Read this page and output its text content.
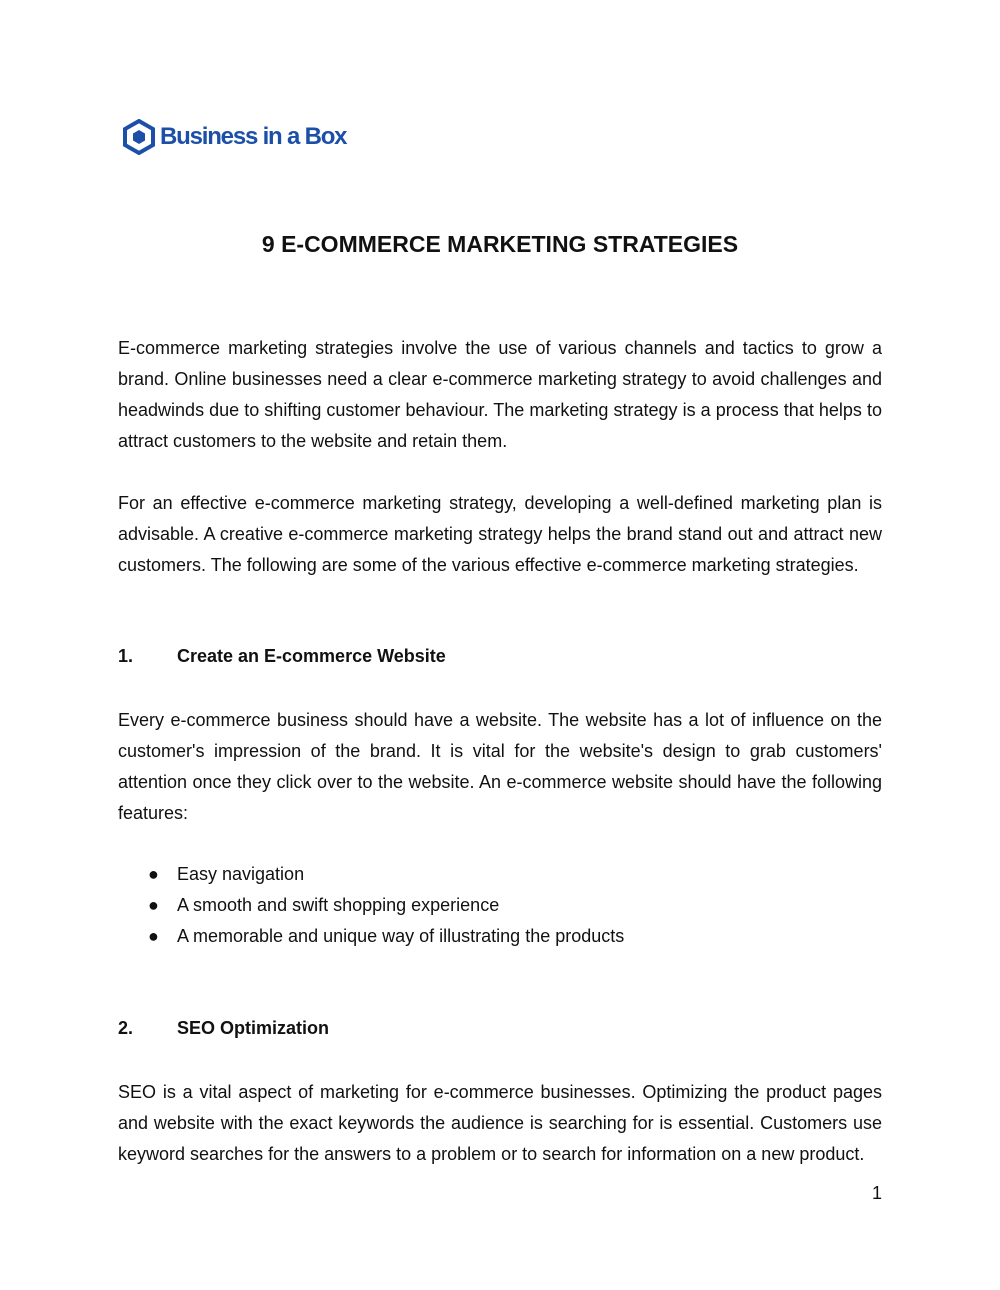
Business in a Box
9 E-COMMERCE MARKETING STRATEGIES

E-commerce marketing strategies involve the use of various channels and tactics to grow a brand. Online businesses need a clear e-commerce marketing strategy to avoid challenges and headwinds due to shifting customer behaviour. The marketing strategy is a process that helps to attract customers to the website and retain them.

For an effective e-commerce marketing strategy, developing a well-defined marketing plan is advisable. A creative e-commerce marketing strategy helps the brand stand out and attract new customers. The following are some of the various effective e-commerce marketing strategies.

1.	Create an E-commerce Website

Every e-commerce business should have a website. The website has a lot of influence on the customer's impression of the brand. It is vital for the website's design to grab customers' attention once they click over to the website. An e-commerce website should have the following features:

●	Easy navigation
●	A smooth and swift shopping experience
●	A memorable and unique way of illustrating the products
2.	SEO Optimization

SEO is a vital aspect of marketing for e-commerce businesses. Optimizing the product pages and website with the exact keywords the audience is searching for is essential. Customers use keyword searches for the answers to a problem or to search for information on a new product.

1
